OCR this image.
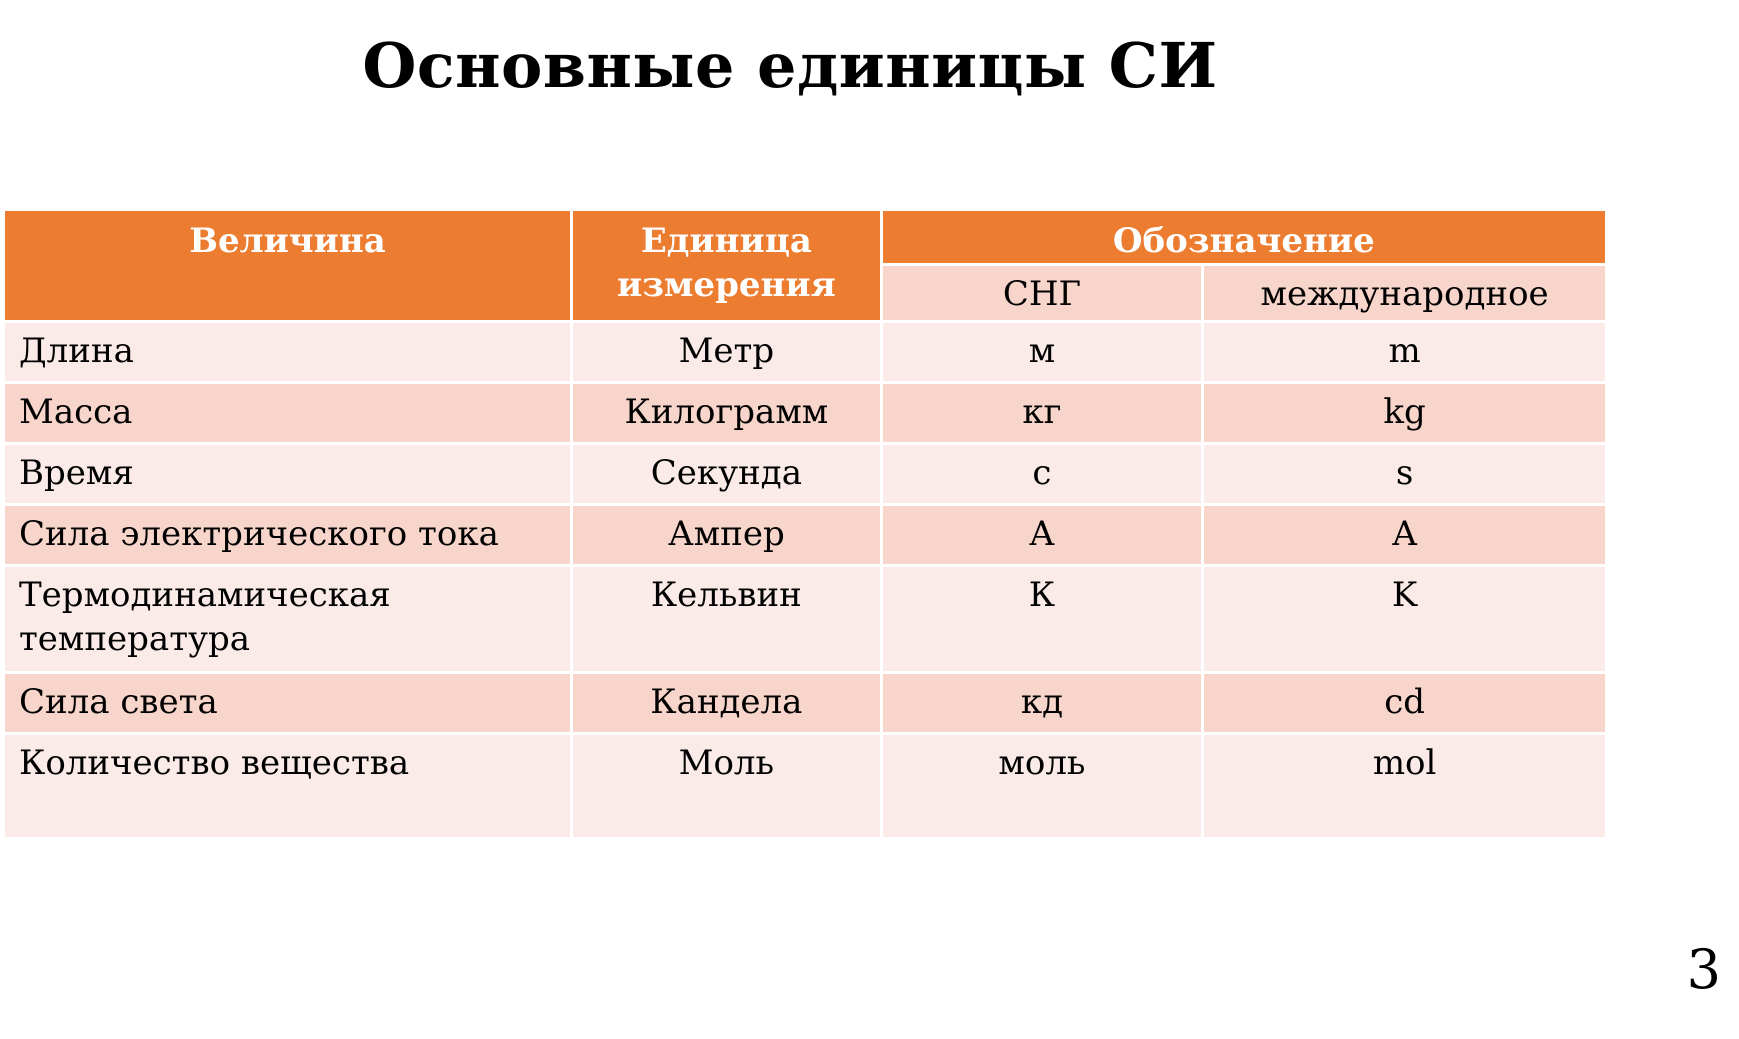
Основные единицы СИ
Величина	Единица измерения	Обозначение	
		СНГ	международное
Длина	Метр	м	m
Масса	Килограмм	кг	kg
Время	Секунда	с	s
Сила электрического тока	Ампер	А	A
Термодинамическая температура	Кельвин	К	K
Сила света	Кандела	кд	cd
Количество вещества	Моль	моль	mol
3
